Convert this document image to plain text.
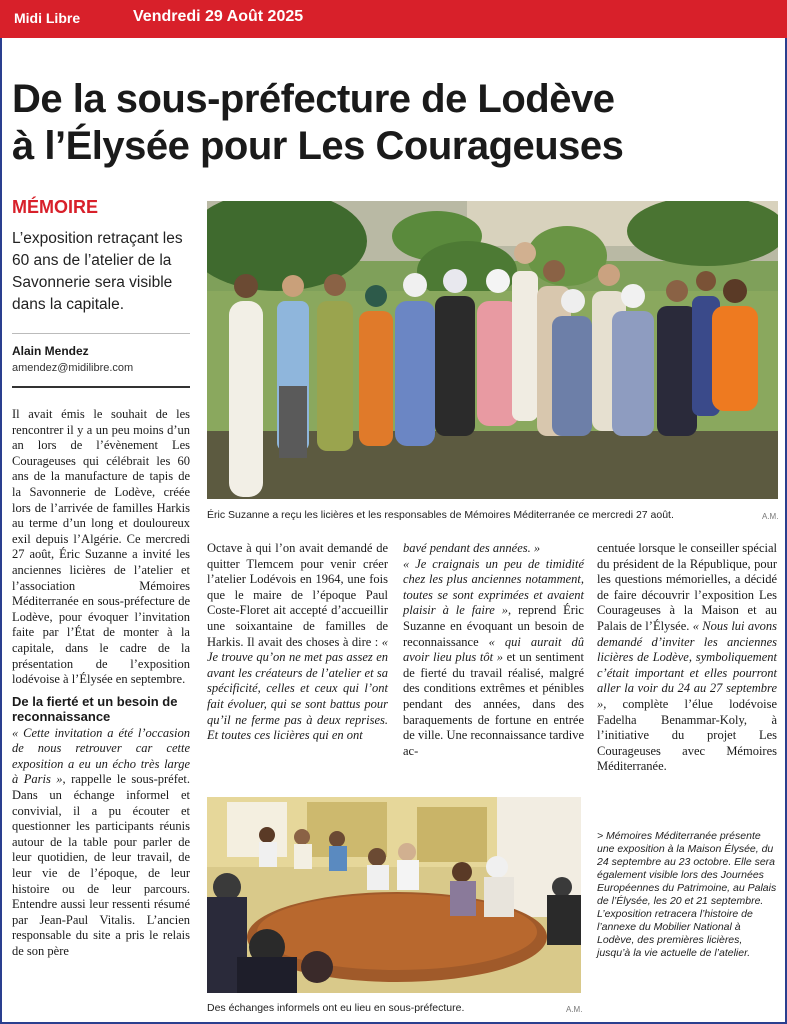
Midi Libre	Vendredi 29 Août 2025
De la sous-préfecture de Lodève
à l’Élysée pour Les Courageuses
MÉMOIRE
L’exposition retraçant les 60 ans de l’atelier de la Savonnerie sera visible dans la capitale.
Alain Mendez
amendez@midilibre.com
Éric Suzanne a reçu les licières et les responsables de Mémoires Méditerranée ce mercredi 27 août.	A.M.

Il avait émis le souhait de les rencontrer il y a un peu moins d’un an lors de l’évènement Les Courageuses qui célébrait les 60 ans de la manufacture de tapis de la Savonnerie de Lodève, créée lors de l’arrivée de familles Harkis au terme d’un long et douloureux exil depuis l’Algérie. Ce mercredi 27 août, Éric Suzanne a invité les anciennes licières de l’atelier et l’association Mémoires Méditerranée en sous-préfecture de Lodève, pour évoquer l’invitation faite par l’État de monter à la capitale, dans le cadre de la présentation de l’exposition lodévoise à l’Élysée en septembre.

De la fierté et un besoin de reconnaissance

« Cette invitation a été l’occasion de nous retrouver car cette exposition a eu un écho très large à Paris », rappelle le sous-préfet. Dans un échange informel et convivial, il a pu écouter et questionner les participants réunis autour de la table pour parler de leur quotidien, de leur travail, de leur vie de l’époque, de leur histoire ou de leur parcours. Entendre aussi leur ressenti résumé par Jean-Paul Vitalis. L’ancien responsable du site a pris le relais de son père

Octave à qui l’on avait demandé de quitter Tlemcem pour venir créer l’atelier Lodévois en 1964, une fois que le maire de l’époque Paul Coste-Floret ait accepté d’accueillir une soixantaine de familles de Harkis. Il avait des choses à dire : « Je trouve qu’on ne met pas assez en avant les créateurs de l’atelier et sa spécificité, celles et ceux qui l’ont fait évoluer, qui se sont battus pour qu’il ne ferme pas à deux reprises. Et toutes ces licières qui en ont

bavé pendant des années. »

« Je craignais un peu de timidité chez les plus anciennes notamment, toutes se sont exprimées et avaient plaisir à le faire », reprend Éric Suzanne en évoquant un besoin de reconnaissance « qui aurait dû avoir lieu plus tôt » et un sentiment de fierté du travail réalisé, malgré des conditions extrêmes et pénibles pendant des années, dans des baraquements de fortune en entrée de ville. Une reconnaissance tardive ac-

centuée lorsque le conseiller spécial du président de la République, pour les questions mémorielles, a décidé de faire découvrir l’exposition Les Courageuses à la Maison et au Palais de l’Élysée. « Nous lui avons demandé d’inviter les anciennes licières de Lodève, symboliquement c’était important et elles pourront aller la voir du 24 au 27 septembre », complète l’élue lodévoise Fadelha Benammar-Koly, à l’initiative du projet Les Courageuses avec Mémoires Méditerranée.

Des échanges informels ont eu lieu en sous-préfecture.	A.M.

> Mémoires Méditerranée présente une exposition à la Maison Élysée, du 24 septembre au 23 octobre. Elle sera également visible lors des Journées Européennes du Patrimoine, au Palais de l’Élysée, les 20 et 21 septembre.

L’exposition retracera l’histoire de l’annexe du Mobilier National à Lodève, des premières licières, jusqu’à la vie actuelle de l’atelier.
